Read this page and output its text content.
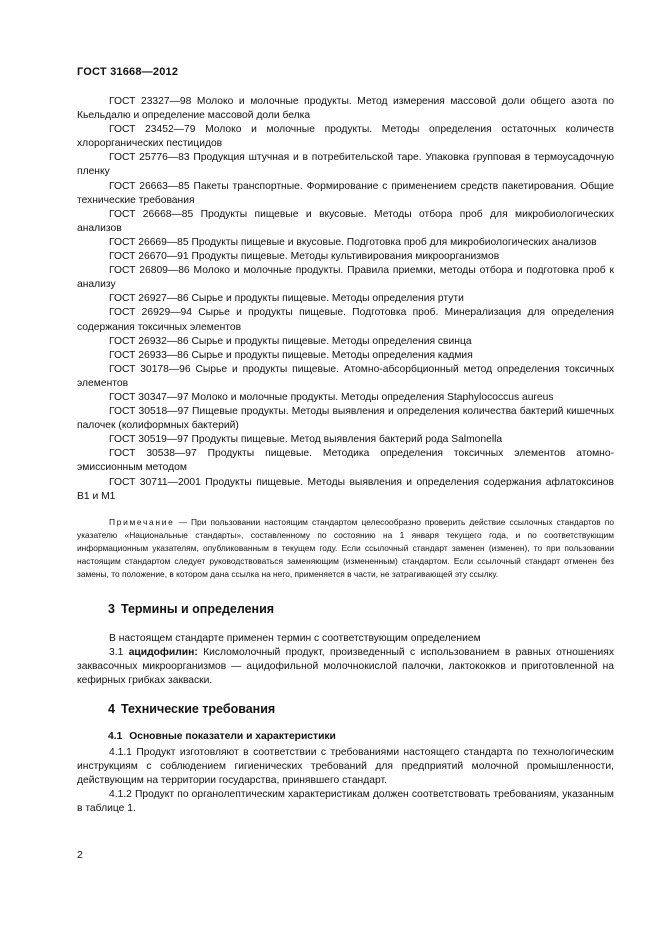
ГОСТ 31668—2012

ГОСТ 23327—98 Молоко и молочные продукты. Метод измерения массовой доли общего азота по Кьельдалю и определение массовой доли белка

ГОСТ 23452—79 Молоко и молочные продукты. Методы определения остаточных количеств хлорорганических пестицидов

ГОСТ 25776—83 Продукция штучная и в потребительской таре. Упаковка групповая в термоусадочную пленку

ГОСТ 26663—85 Пакеты транспортные. Формирование с применением средств пакетирования. Общие технические требования

ГОСТ 26668—85 Продукты пищевые и вкусовые. Методы отбора проб для микробиологических анализов

ГОСТ 26669—85 Продукты пищевые и вкусовые. Подготовка проб для микробиологических анализов

ГОСТ 26670—91 Продукты пищевые. Методы культивирования микроорганизмов

ГОСТ 26809—86 Молоко и молочные продукты. Правила приемки, методы отбора и подготовка проб к анализу

ГОСТ 26927—86 Сырье и продукты пищевые. Методы определения ртути

ГОСТ 26929—94 Сырье и продукты пищевые. Подготовка проб. Минерализация для определения содержания токсичных элементов

ГОСТ 26932—86 Сырье и продукты пищевые. Методы определения свинца

ГОСТ 26933—86 Сырье и продукты пищевые. Методы определения кадмия

ГОСТ 30178—96 Сырье и продукты пищевые. Атомно-абсорбционный метод определения токсичных элементов

ГОСТ 30347—97 Молоко и молочные продукты. Методы определения Staphylococcus aureus

ГОСТ 30518—97 Пищевые продукты. Методы выявления и определения количества бактерий кишечных палочек (колиформных бактерий)

ГОСТ 30519—97 Продукты пищевые. Метод выявления бактерий рода Salmonella

ГОСТ 30538—97 Продукты пищевые. Методика определения токсичных элементов атомно-эмиссионным методом

ГОСТ 30711—2001 Продукты пищевые. Методы выявления и определения содержания афлатоксинов В1 и М1

Примечание — При пользовании настоящим стандартом целесообразно проверить действие ссылочных стандартов по указателю «Национальные стандарты», составленному по состоянию на 1 января текущего года, и по соответствующим информационным указателям, опубликованным в текущем году. Если ссылочный стандарт заменен (изменен), то при пользовании настоящим стандартом следует руководствоваться заменяющим (измененным) стандартом. Если ссылочный стандарт отменен без замены, то положение, в котором дана ссылка на него, применяется в части, не затрагивающей эту ссылку.
3 Термины и определения

В настоящем стандарте применен термин с соответствующим определением

3.1 ацидофилин: Кисломолочный продукт, произведенный с использованием в равных отношениях заквасочных микроорганизмов — ацидофильной молочнокислой палочки, лактококков и приготовленной на кефирных грибках закваски.

4 Технические требования
4.1 Основные показатели и характеристики

4.1.1 Продукт изготовляют в соответствии с требованиями настоящего стандарта по технологическим инструкциям с соблюдением гигиенических требований для предприятий молочной промышленности, действующим на территории государства, принявшего стандарт.

4.1.2 Продукт по органолептическим характеристикам должен соответствовать требованиям, указанным в таблице 1.

2
